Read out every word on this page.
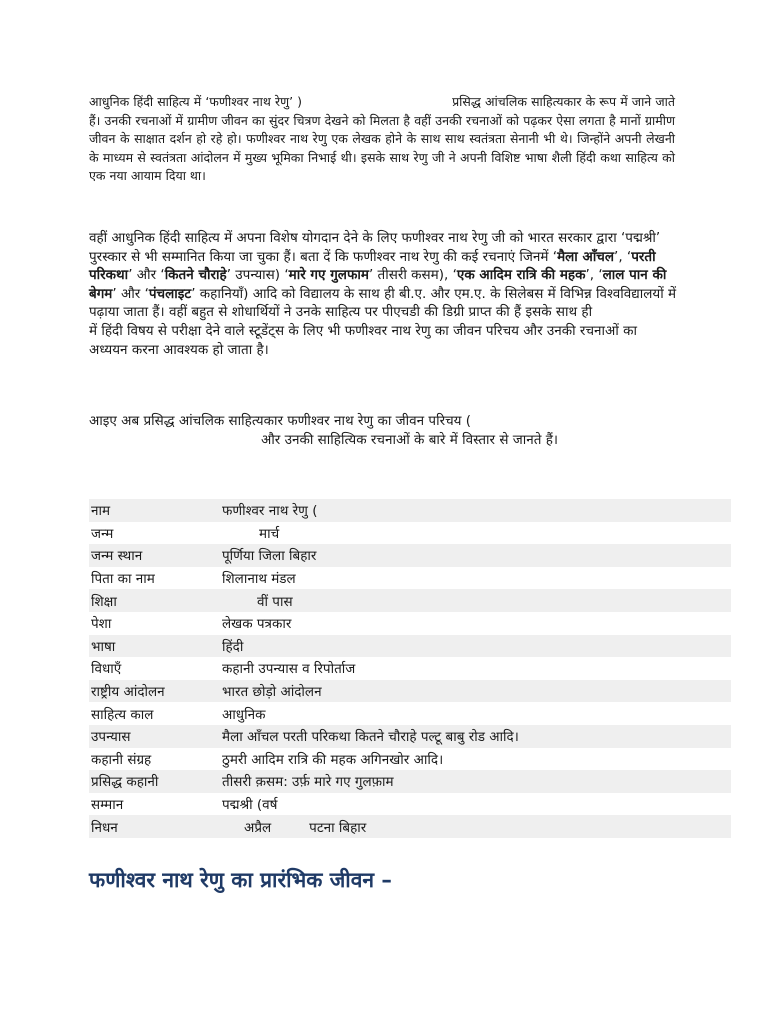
आधुनिक हिंदी साहित्य में ‘फणीश्वर नाथ रेणु’ )	प्रसिद्ध आंचलिक साहित्यकार के रूप में जाने जाते हैं। उनकी रचनाओं में ग्रामीण जीवन का सुंदर चित्रण देखने को मिलता है वहीं उनकी रचनाओं को पढ़कर ऐसा लगता है मानों ग्रामीण जीवन के साक्षात दर्शन हो रहे हो। फणीश्वर नाथ रेणु एक लेखक होने के साथ साथ स्वतंत्रता सेनानी भी थे। जिन्होंने अपनी लेखनी के माध्यम से स्वतंत्रता आंदोलन में मुख्य भूमिका निभाई थी। इसके साथ रेणु जी ने अपनी विशिष्ट भाषा शैली हिंदी कथा साहित्य को एक नया आयाम दिया था।

वहीं आधुनिक हिंदी साहित्य में अपना विशेष योगदान देने के लिए फणीश्वर नाथ रेणु जी को भारत सरकार द्वारा ‘पद्मश्री’ पुरस्कार से भी सम्मानित किया जा चुका हैं। बता दें कि फणीश्वर नाथ रेणु की कई रचनाएं जिनमें ‘मैला आँचल’, ‘परती परिकथा’ और ‘कितने चौराहे’ उपन्यास) ‘मारे गए गुलफाम’ तीसरी कसम), ‘एक आदिम रात्रि की महक’, ‘लाल पान की बेगम’ और ‘पंचलाइट’ कहानियाँ) आदि को विद्यालय के साथ ही बी.ए. और एम.ए. के सिलेबस में विभिन्न विश्वविद्यालयों में पढ़ाया जाता हैं। वहीं बहुत से शोधार्थियों ने उनके साहित्य पर पीएचडी की डिग्री प्राप्त की हैं इसके साथ हीमें हिंदी विषय से परीक्षा देने वाले स्टूडेंट्स के लिए भी फणीश्वर नाथ रेणु का जीवन परिचय और उनकी रचनाओं का अध्ययन करना आवश्यक हो जाता है।

आइए अब प्रसिद्ध आंचलिक साहित्यकार फणीश्वर नाथ रेणु का जीवन परिचय (
और उनकी साहित्यिक रचनाओं के बारे में विस्तार से जानते हैं।

नाम	फणीश्वर नाथ रेणु (
जन्म	मार्च
जन्म स्थान	पूर्णिया जिला बिहार
पिता का नाम	शिलानाथ मंडल
शिक्षा	वीं पास
पेशा	लेखक पत्रकार
भाषा	हिंदी
विधाएँ	कहानी उपन्यास व रिपोर्ताज
राष्ट्रीय आंदोलन	भारत छोड़ो आंदोलन
साहित्य काल	आधुनिक
उपन्यास	मैला आँचल परती परिकथा कितने चौराहे पल्टू बाबु रोड आदि।
कहानी संग्रह	ठुमरी आदिम रात्रि की महक अगिनखोर आदि।
प्रसिद्ध कहानी	तीसरी क़सम: उर्फ़ मारे गए गुलफ़ाम
सम्मान	पद्मश्री (वर्ष
निधन	अप्रैल पटना बिहार
फणीश्वर नाथ रेणु का प्रारंभिक जीवन –
